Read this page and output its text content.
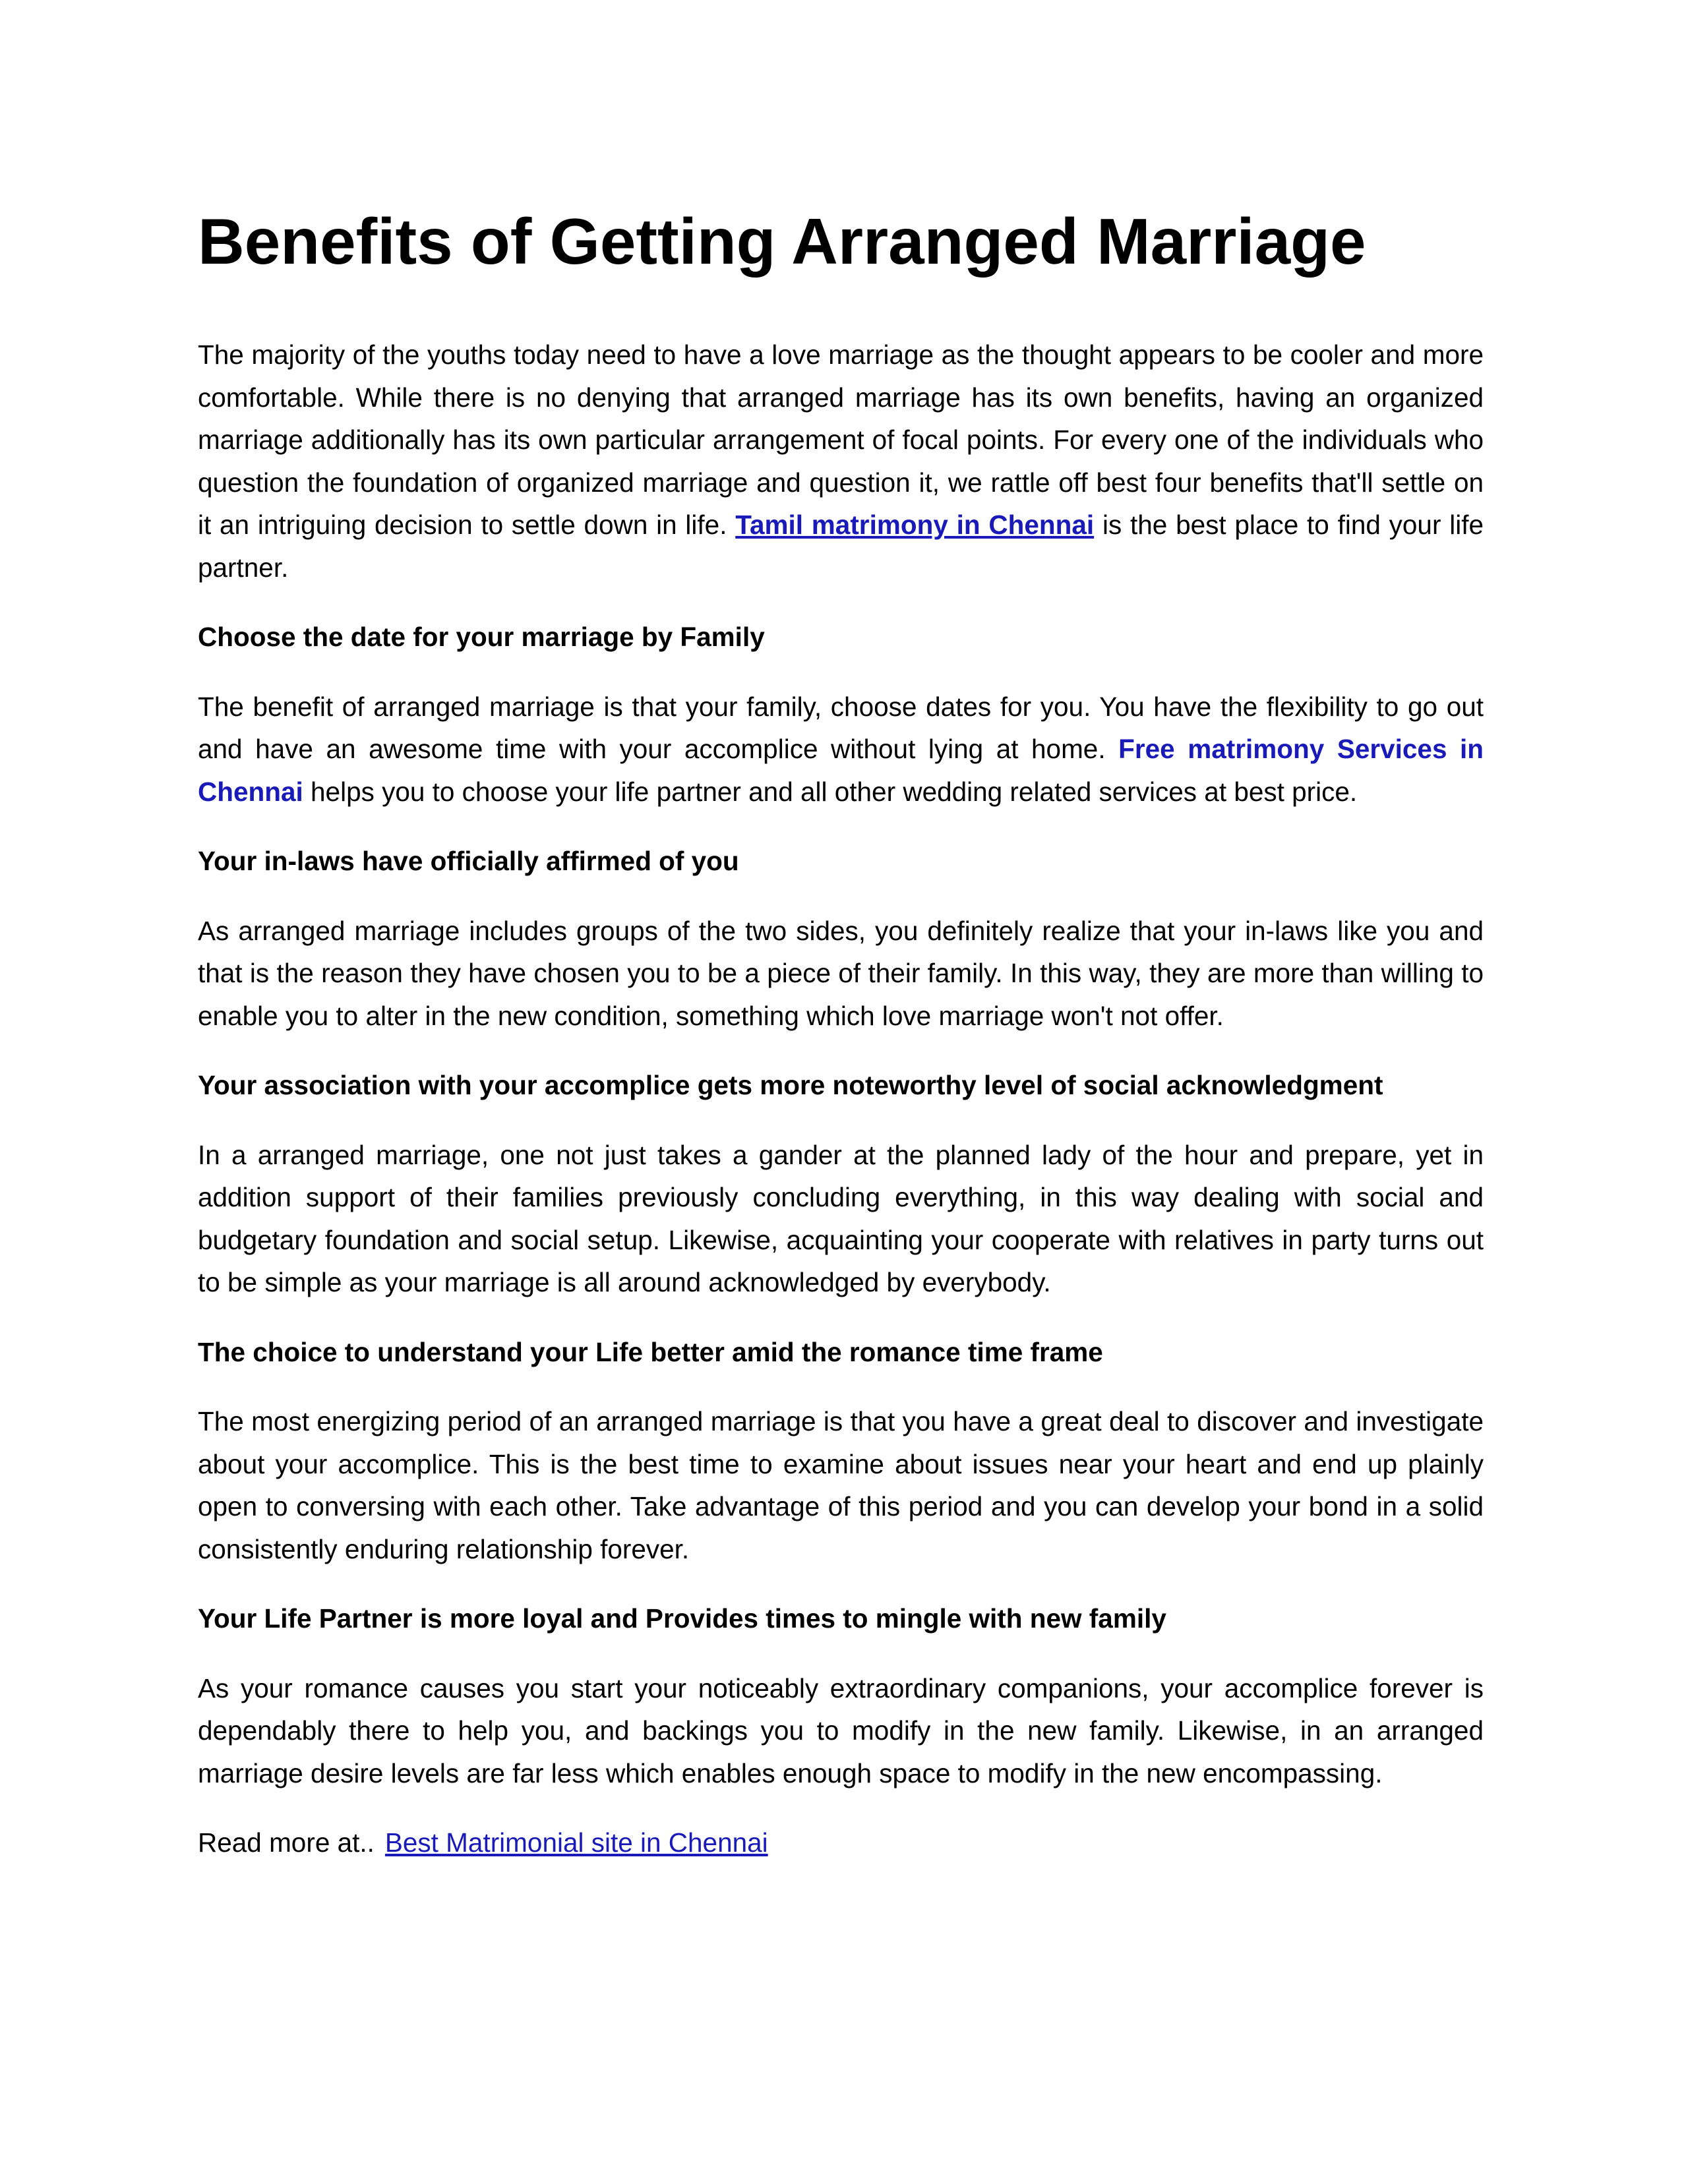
Benefits of Getting Arranged Marriage

The majority of the youths today need to have a love marriage as the thought appears to be cooler and more comfortable. While there is no denying that arranged marriage has its own benefits, having an organized marriage additionally has its own particular arrangement of focal points. For every one of the individuals who question the foundation of organized marriage and question it, we rattle off best four benefits that'll settle on it an intriguing decision to settle down in life. Tamil matrimony in Chennai is the best place to find your life partner.

Choose the date for your marriage by Family

The benefit of arranged marriage is that your family, choose dates for you. You have the flexibility to go out and have an awesome time with your accomplice without lying at home. Free matrimony Services in Chennai helps you to choose your life partner and all other wedding related services at best price.

Your in-laws have officially affirmed of you

As arranged marriage includes groups of the two sides, you definitely realize that your in-laws like you and that is the reason they have chosen you to be a piece of their family. In this way, they are more than willing to enable you to alter in the new condition, something which love marriage won't not offer.

Your association with your accomplice gets more noteworthy level of social acknowledgment

In a arranged marriage, one not just takes a gander at the planned lady of the hour and prepare, yet in addition support of their families previously concluding everything, in this way dealing with social and budgetary foundation and social setup. Likewise, acquainting your cooperate with relatives in party turns out to be simple as your marriage is all around acknowledged by everybody.

The choice to understand your Life better amid the romance time frame

The most energizing period of an arranged marriage is that you have a great deal to discover and investigate about your accomplice. This is the best time to examine about issues near your heart and end up plainly open to conversing with each other. Take advantage of this period and you can develop your bond in a solid consistently enduring relationship forever.

Your Life Partner is more loyal and Provides times to mingle with new family

As your romance causes you start your noticeably extraordinary companions, your accomplice forever is dependably there to help you, and backings you to modify in the new family. Likewise, in an arranged marriage desire levels are far less which enables enough space to modify in the new encompassing.

Read more at.. Best Matrimonial site in Chennai
